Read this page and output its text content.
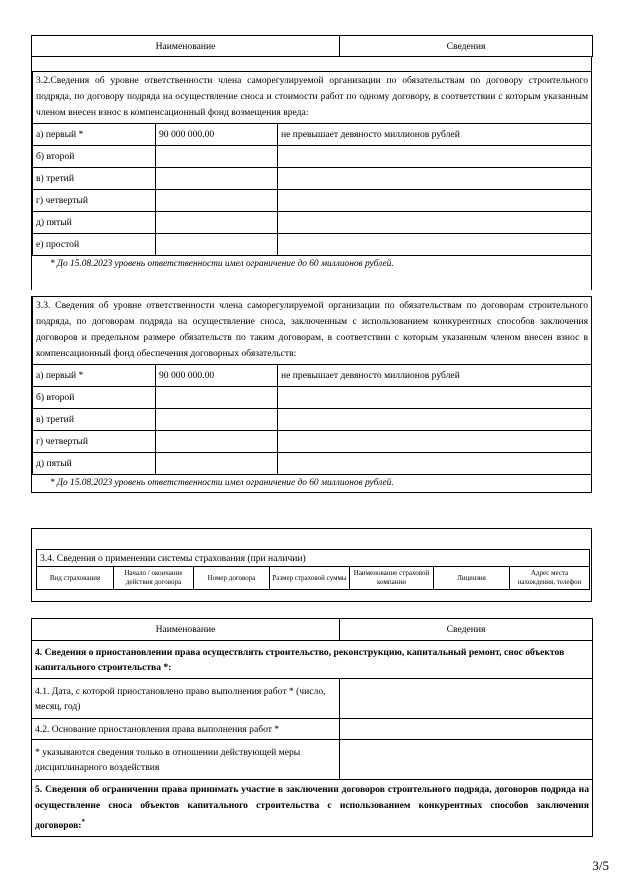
Наименование	Сведения
3.2.Сведения об уровне ответственности члена саморегулируемой организации по обязательствам по договору строительного подряда, по договору подряда на осуществление сноса и стоимости работ по одному договору, в соответствии с которым указанным членом внесен взнос в компенсационный фонд возмещения вреда:		
а) первый *	90 000 000.00	не превышает девяносто миллионов рублей
б) второй		
в) третий		
г) четвертый		
д) пятый		
е) простой		
* До 15.08.2023 уровень ответственности имел ограничение до 60 миллионов рублей.
3.3. Сведения об уровне ответственности члена саморегулируемой организации по обязательствам по договорам строительного подряда, по договорам подряда на осуществление сноса, заключенным с использованием конкурентных способов заключения договоров и предельном размере обязательств по таким договорам, в соответствии с которым указанным членом внесен взнос в компенсационный фонд обеспечения договорных обязательств:		
а) первый *	90 000 000.00	не превышает девяносто миллионов рублей
б) второй		
в) третий		
г) четвертый		
д) пятый		
* До 15.08.2023 уровень ответственности имел ограничение до 60 миллионов рублей.
3.4. Сведения о применении системы страхования (при наличии)
Вид страхования	Начало / окончание действия договора	Номер договора	Размер страховой суммы	Наименование страховой компании	Лицензия	Адрес места нахождения, телефон
Наименование	Сведения
4. Сведения о приостановлении права осуществлять строительство, реконструкцию, капитальный ремонт, снос объектов капитального строительства *:	
4.1. Дата, с которой приостановлено право выполнения работ * (число, месяц, год)	
4.2. Основание приостановления права выполнения работ *	
* указываются сведения только в отношении действующей меры дисциплинарного воздействия	
5. Сведения об ограничении права принимать участие в заключении договоров строительного подряда, договоров подряда на осуществление сноса объектов капитального строительства с использованием конкурентных способов заключения договоров:*
3/5
